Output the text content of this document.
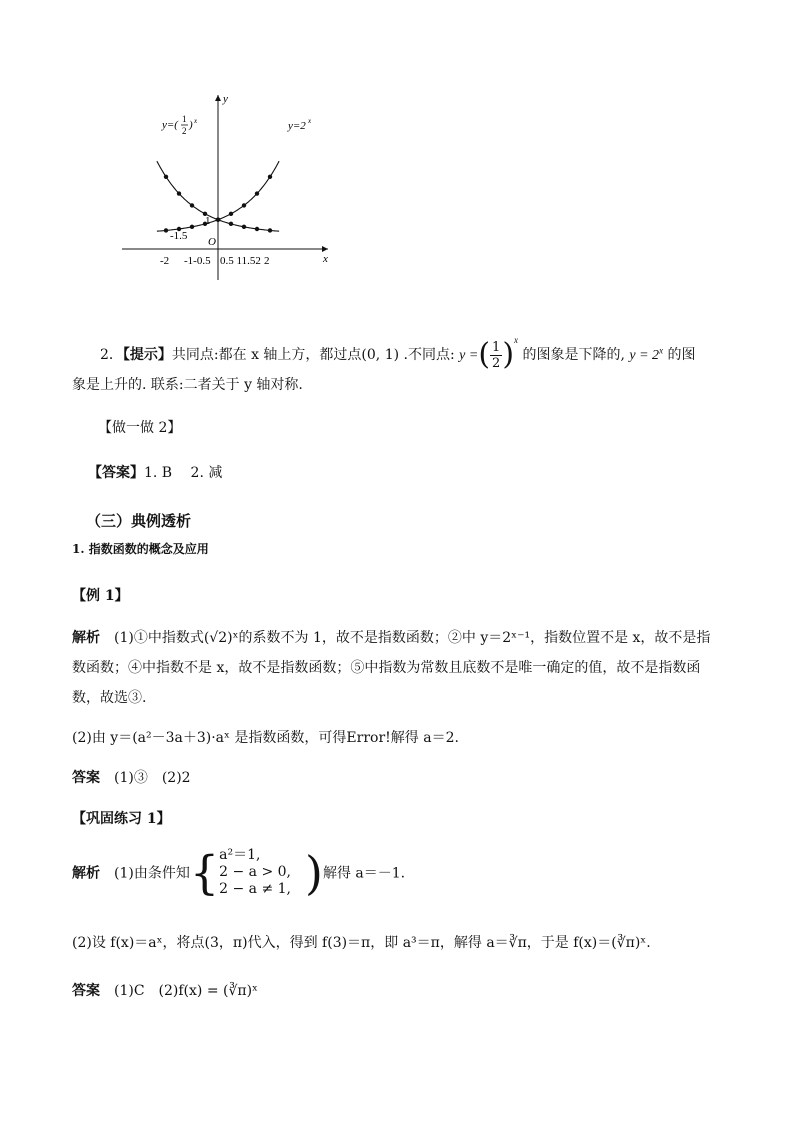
y
x
1
O
-1.5
-2 -1-0.5 0.5 11.52 2
y=( 1
2 ) x	y=2 x
2．【提示】共同点:都在 x 轴上方，都过点(0, 1) .不同点: y =( $\frac{1}{2} )^x$ 的图象是下降的, $y = 2^x$ 的图
象是上升的. 联系:二者关于 y 轴对称.
【做一做 2】
【答案】1. B　 2. 减
（三）典例透析
1. 指数函数的概念及应用
【例 1】
解析　 (1)①中指数式(√2)ˣ的系数不为 1，故不是指数函数；②中 y＝2ˣ⁻¹，指数位置不是 x，故不是指
数函数；④中指数不是 x，故不是指数函数；⑤中指数为常数且底数不是唯一确定的值，故不是指数函
数，故选③.
(2)由 y＝(a²－3a＋3)·aˣ 是指数函数，可得Error!解得 a＝2.
答案　 (1)③　(2)2
【巩固练习 1】
解析　 (1)由条件知{ a²＝1,
2 − a > 0,
2 − a ≠ 1, )解得 a＝－1.
(2)设 f(x)＝aˣ，将点(3，π)代入，得到 f(3)＝π，即 a³＝π，解得 a＝∛π，于是 f(x)＝(∛π)ˣ.
答案　 (1)C　(2)f(x) = (∛π)ˣ
